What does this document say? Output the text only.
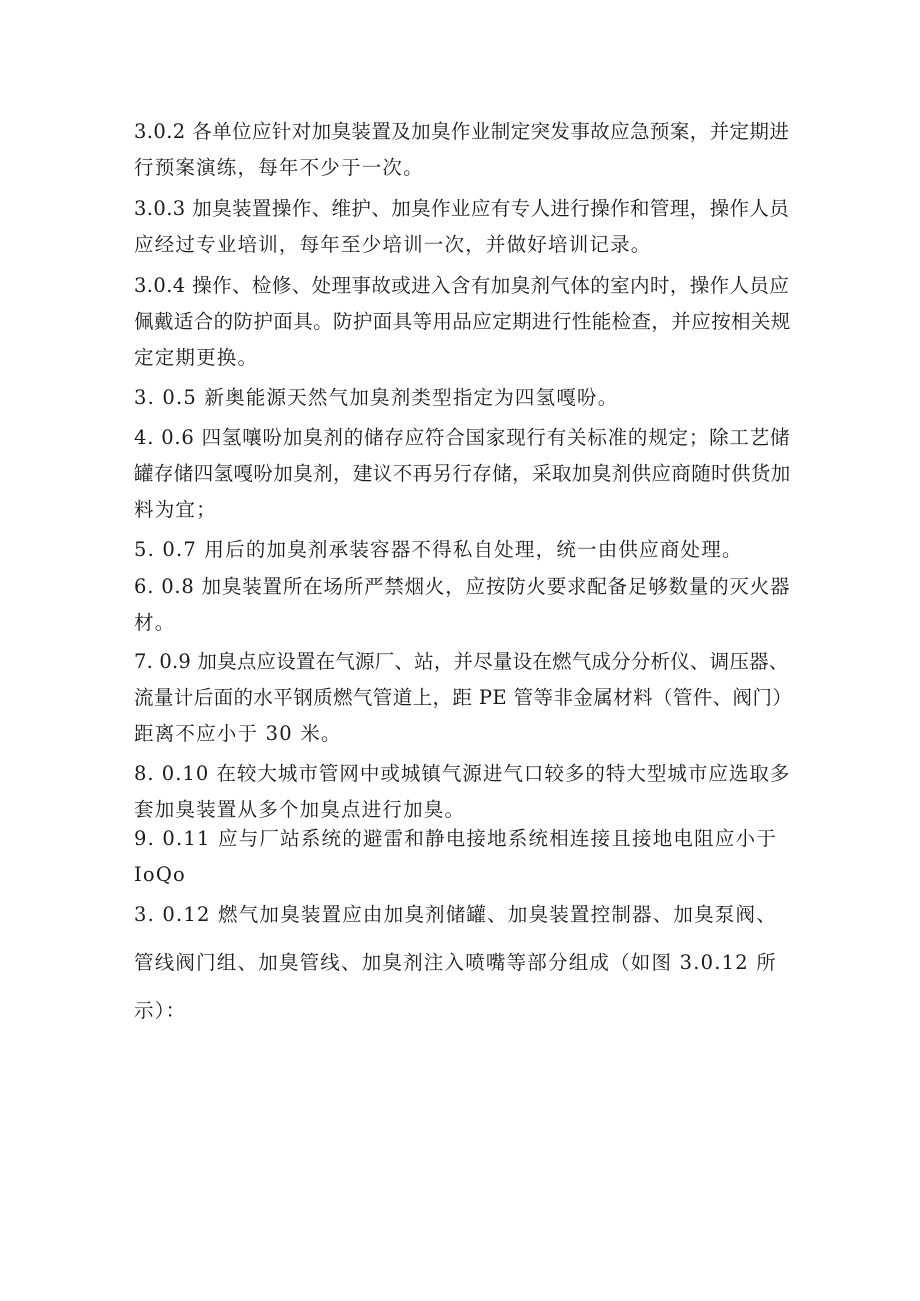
3.0.2 各单位应针对加臭装置及加臭作业制定突发事故应急预案，并定期进
行预案演练，每年不少于一次。
3.0.3 加臭装置操作、维护、加臭作业应有专人进行操作和管理，操作人员
应经过专业培训，每年至少培训一次，并做好培训记录。
3.0.4 操作、检修、处理事故或进入含有加臭剂气体的室内时，操作人员应
佩戴适合的防护面具。防护面具等用品应定期进行性能检查，并应按相关规
定定期更换。
3. 0.5 新奥能源天然气加臭剂类型指定为四氢嘎吩。
4. 0.6 四氢嚷吩加臭剂的储存应符合国家现行有关标准的规定；除工艺储
罐存储四氢嘎吩加臭剂，建议不再另行存储，采取加臭剂供应商随时供货加
料为宜；
5. 0.7 用后的加臭剂承装容器不得私自处理，统一由供应商处理。
6. 0.8 加臭装置所在场所严禁烟火，应按防火要求配备足够数量的灭火器
材。
7. 0.9 加臭点应设置在气源厂、站，并尽量设在燃气成分分析仪、调压器、
流量计后面的水平钢质燃气管道上，距 PE 管等非金属材料（管件、阀门）
距离不应小于 30 米。
8. 0.10 在较大城市管网中或城镇气源进气口较多的特大型城市应选取多
套加臭装置从多个加臭点进行加臭。
9. 0.11 应与厂站系统的避雷和静电接地系统相连接且接地电阻应小于
IoQo
3. 0.12 燃气加臭装置应由加臭剂储罐、加臭装置控制器、加臭泵阀、
管线阀门组、加臭管线、加臭剂注入喷嘴等部分组成（如图 3.0.12 所
示）：
